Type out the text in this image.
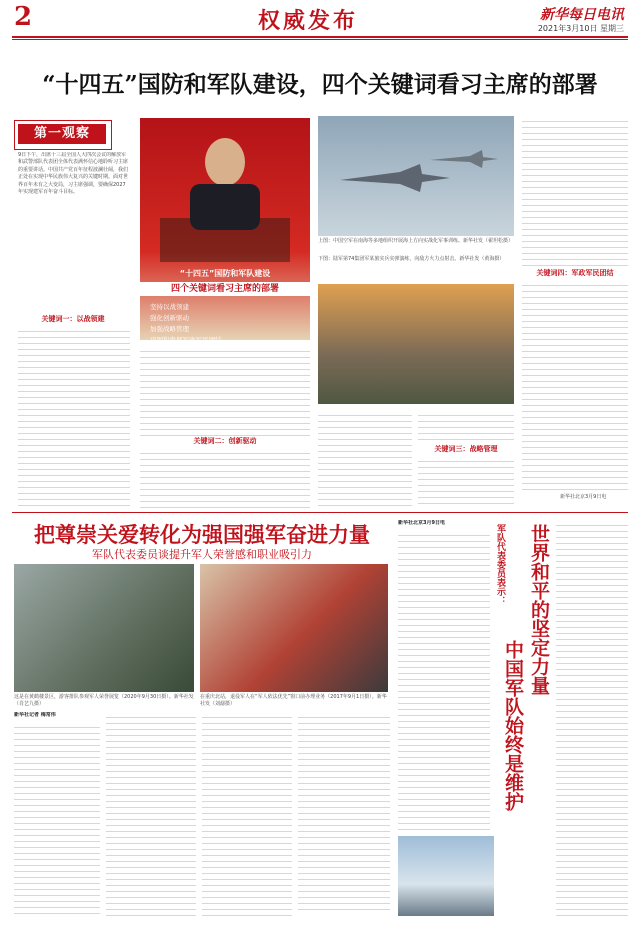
2	权威发布	新华每日电讯
2021年3月10日 星期三
“十四五”国防和军队建设，四个关键词看习主席的部署
第一观察
9日下午，出席十三届全国人大四次会议的解放军和武警部队代表团全体代表满怀信心地聆听习主席的重要讲话。中国共产党百年征程波澜壮阔，我们正处在实现中华民族伟大复兴的关键时期。面对世界百年未有之大变局，习主席强调，要确保2027年实现建军百年奋斗目标。
关键词一：以战领建
“十四五”国防和军队建设
四个关键词看习主席的部署
坚持以战领建
强化创新驱动
加强战略管理
巩固和发展军政军民团结
关键词二：创新驱动
上图：中国空军在南海等多地组织开展海上方向实战化军事训练。新华社发（翟坦松摄）
下图：陆军第74集团军某旅实兵实弹演练，向敌方火力点射击。新华社发（黄海摄）
关键词三：战略管理
关键词四：军政军民团结
新华社北京3月9日电
把尊崇关爱转化为强国强军奋进力量
军队代表委员谈提升军人荣誉感和职业吸引力
这是在黄鹤楼景区，游客排队参观军人荣誉展览（2020年9月30日摄）。新华社发（肖艺九摄）
在重庆北站，退役军人在“军人依法优先”窗口前办理业务（2017年9月1日摄）。新华社发（刘潺摄）
新华社记者 梅常伟
新华社北京3月9日电
军队代表委员表示： 世界和平的坚定力量
中国军队始终是维护
